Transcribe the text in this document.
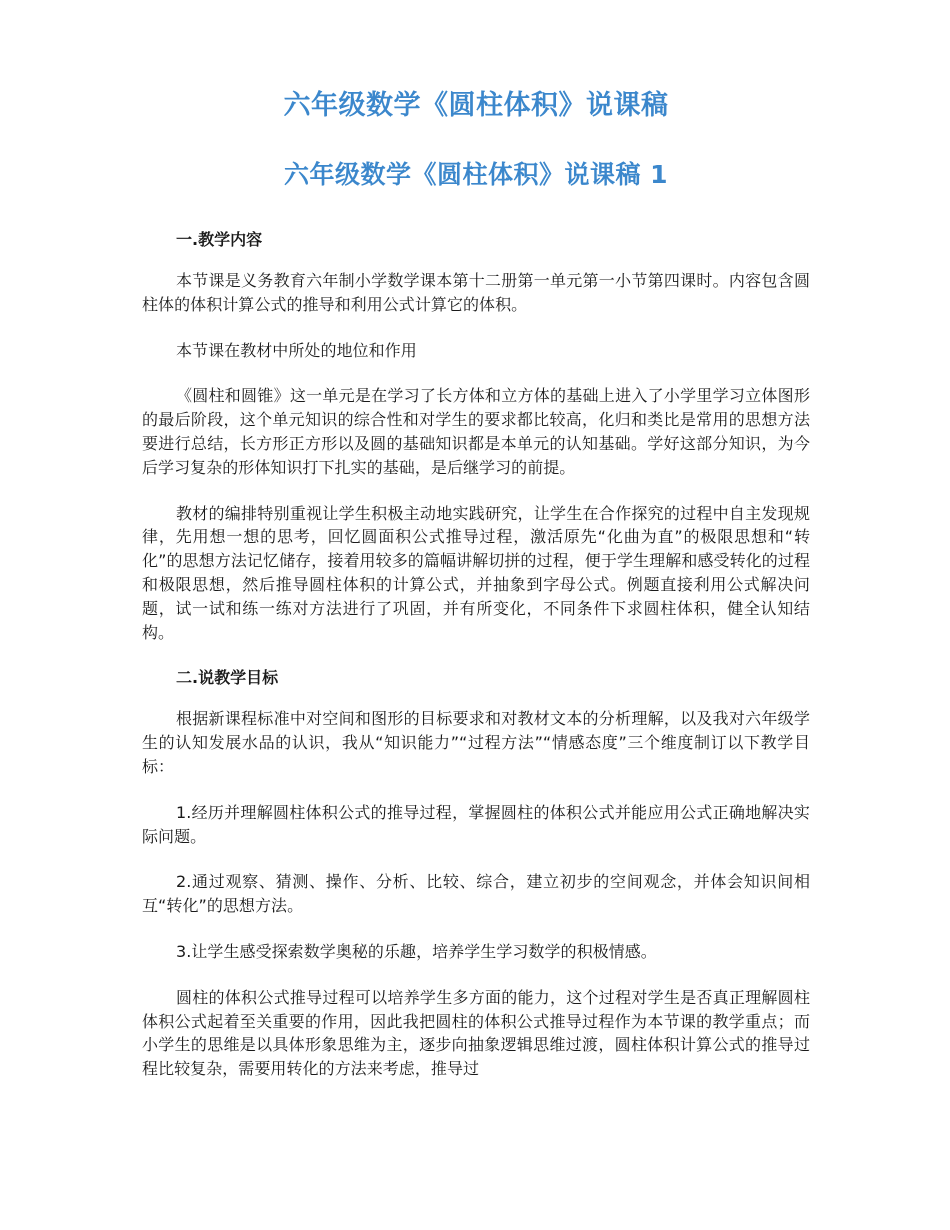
六年级数学《圆柱体积》说课稿
六年级数学《圆柱体积》说课稿 1
一.教学内容

本节课是义务教育六年制小学数学课本第十二册第一单元第一小节第四课时。内容包含圆柱体的体积计算公式的推导和利用公式计算它的体积。

本节课在教材中所处的地位和作用

《圆柱和圆锥》这一单元是在学习了长方体和立方体的基础上进入了小学里学习立体图形的最后阶段，这个单元知识的综合性和对学生的要求都比较高，化归和类比是常用的思想方法要进行总结，长方形正方形以及圆的基础知识都是本单元的认知基础。学好这部分知识，为今后学习复杂的形体知识打下扎实的基础，是后继学习的前提。

教材的编排特别重视让学生积极主动地实践研究，让学生在合作探究的过程中自主发现规律，先用想一想的思考，回忆圆面积公式推导过程，激活原先“化曲为直”的极限思想和“转化”的思想方法记忆储存，接着用较多的篇幅讲解切拼的过程，便于学生理解和感受转化的过程和极限思想，然后推导圆柱体积的计算公式，并抽象到字母公式。例题直接利用公式解决问题，试一试和练一练对方法进行了巩固，并有所变化，不同条件下求圆柱体积，健全认知结构。

二.说教学目标

根据新课程标准中对空间和图形的目标要求和对教材文本的分析理解，以及我对六年级学生的认知发展水品的认识，我从“知识能力”“过程方法”“情感态度”三个维度制订以下教学目标：

1.经历并理解圆柱体积公式的推导过程，掌握圆柱的体积公式并能应用公式正确地解决实际问题。

2.通过观察、猜测、操作、分析、比较、综合，建立初步的空间观念，并体会知识间相互“转化”的思想方法。

3.让学生感受探索数学奥秘的乐趣，培养学生学习数学的积极情感。

圆柱的体积公式推导过程可以培养学生多方面的能力，这个过程对学生是否真正理解圆柱体积公式起着至关重要的作用，因此我把圆柱的体积公式推导过程作为本节课的教学重点；而小学生的思维是以具体形象思维为主，逐步向抽象逻辑思维过渡，圆柱体积计算公式的推导过程比较复杂，需要用转化的方法来考虑，推导过
